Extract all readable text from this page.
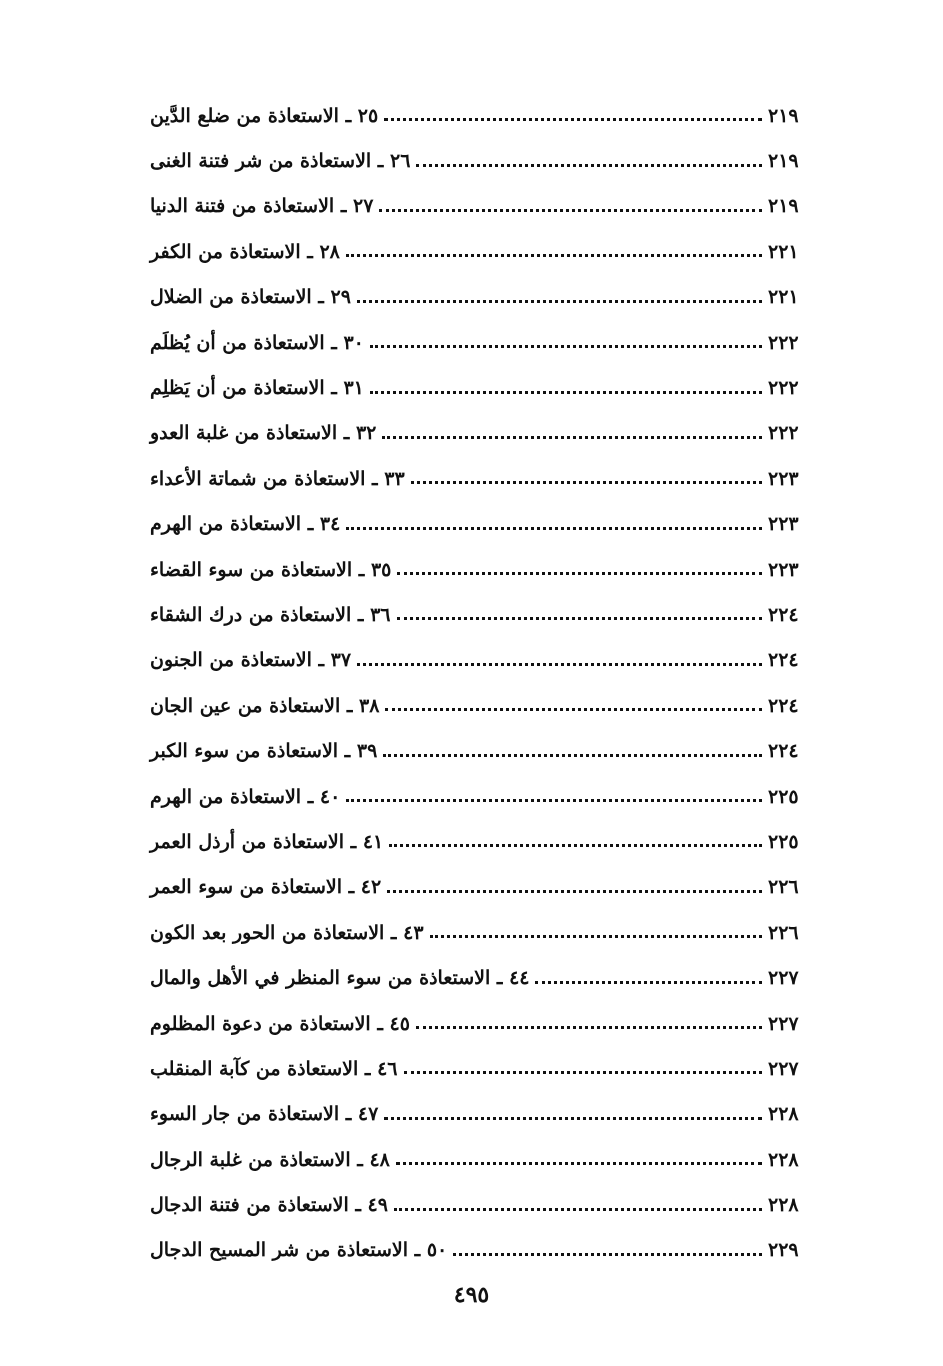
٢٥ ـ الاستعاذة من ضلع الدَّين	٢١٩
٢٦ ـ الاستعاذة من شر فتنة الغنى	٢١٩
٢٧ ـ الاستعاذة من فتنة الدنيا	٢١٩
٢٨ ـ الاستعاذة من الكفر	٢٢١
٢٩ ـ الاستعاذة من الضلال	٢٢١
٣٠ ـ الاستعاذة من أن يُظلَم	٢٢٢
٣١ ـ الاستعاذة من أن يَظلِم	٢٢٢
٣٢ ـ الاستعاذة من غلبة العدو	٢٢٢
٣٣ ـ الاستعاذة من شماتة الأعداء	٢٢٣
٣٤ ـ الاستعاذة من الهرم	٢٢٣
٣٥ ـ الاستعاذة من سوء القضاء	٢٢٣
٣٦ ـ الاستعاذة من درك الشقاء	٢٢٤
٣٧ ـ الاستعاذة من الجنون	٢٢٤
٣٨ ـ الاستعاذة من عين الجان	٢٢٤
٣٩ ـ الاستعاذة من سوء الكبر	٢٢٤
٤٠ ـ الاستعاذة من الهرم	٢٢٥
٤١ ـ الاستعاذة من أرذل العمر	٢٢٥
٤٢ ـ الاستعاذة من سوء العمر	٢٢٦
٤٣ ـ الاستعاذة من الحور بعد الكون	٢٢٦
٤٤ ـ الاستعاذة من سوء المنظر في الأهل والمال	٢٢٧
٤٥ ـ الاستعاذة من دعوة المظلوم	٢٢٧
٤٦ ـ الاستعاذة من كآبة المنقلب	٢٢٧
٤٧ ـ الاستعاذة من جار السوء	٢٢٨
٤٨ ـ الاستعاذة من غلبة الرجال	٢٢٨
٤٩ ـ الاستعاذة من فتنة الدجال	٢٢٨
٥٠ ـ الاستعاذة من شر المسيح الدجال	٢٢٩
٤٩٥
